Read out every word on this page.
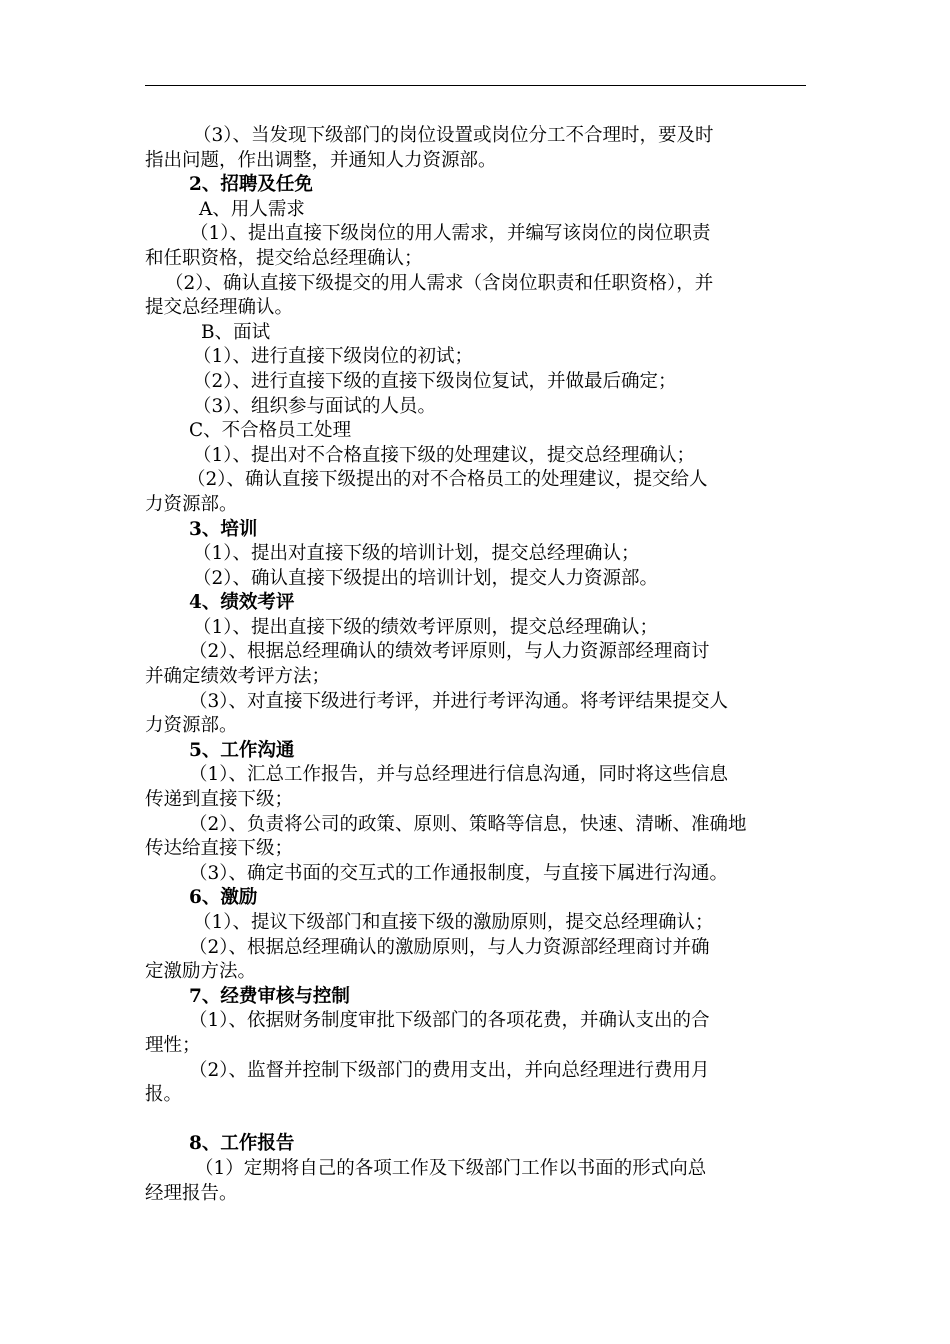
（3）、当发现下级部门的岗位设置或岗位分工不合理时，要及时
指出问题，作出调整，并通知人力资源部。
2、招聘及任免
A、用人需求
（1）、提出直接下级岗位的用人需求，并编写该岗位的岗位职责
和任职资格，提交给总经理确认；
（2）、确认直接下级提交的用人需求（含岗位职责和任职资格），并
提交总经理确认。
B、面试
（1）、进行直接下级岗位的初试；
（2）、进行直接下级的直接下级岗位复试，并做最后确定；
（3）、组织参与面试的人员。
C、不合格员工处理
（1）、提出对不合格直接下级的处理建议，提交总经理确认；
（2）、确认直接下级提出的对不合格员工的处理建议，提交给人
力资源部。
3、培训
（1）、提出对直接下级的培训计划，提交总经理确认；
（2）、确认直接下级提出的培训计划，提交人力资源部。
4、绩效考评
（1）、提出直接下级的绩效考评原则，提交总经理确认；
（2）、根据总经理确认的绩效考评原则，与人力资源部经理商讨
并确定绩效考评方法；
（3）、对直接下级进行考评，并进行考评沟通。将考评结果提交人
力资源部。
5、工作沟通
（1）、汇总工作报告，并与总经理进行信息沟通，同时将这些信息
传递到直接下级；
（2）、负责将公司的政策、原则、策略等信息，快速、清晰、准确地
传达给直接下级；
（3）、确定书面的交互式的工作通报制度，与直接下属进行沟通。
6、激励
（1）、提议下级部门和直接下级的激励原则，提交总经理确认；
（2）、根据总经理确认的激励原则，与人力资源部经理商讨并确
定激励方法。
7、经费审核与控制
（1）、依据财务制度审批下级部门的各项花费，并确认支出的合
理性；
（2）、监督并控制下级部门的费用支出，并向总经理进行费用月
报。
8、工作报告
（1）定期将自己的各项工作及下级部门工作以书面的形式向总
经理报告。
